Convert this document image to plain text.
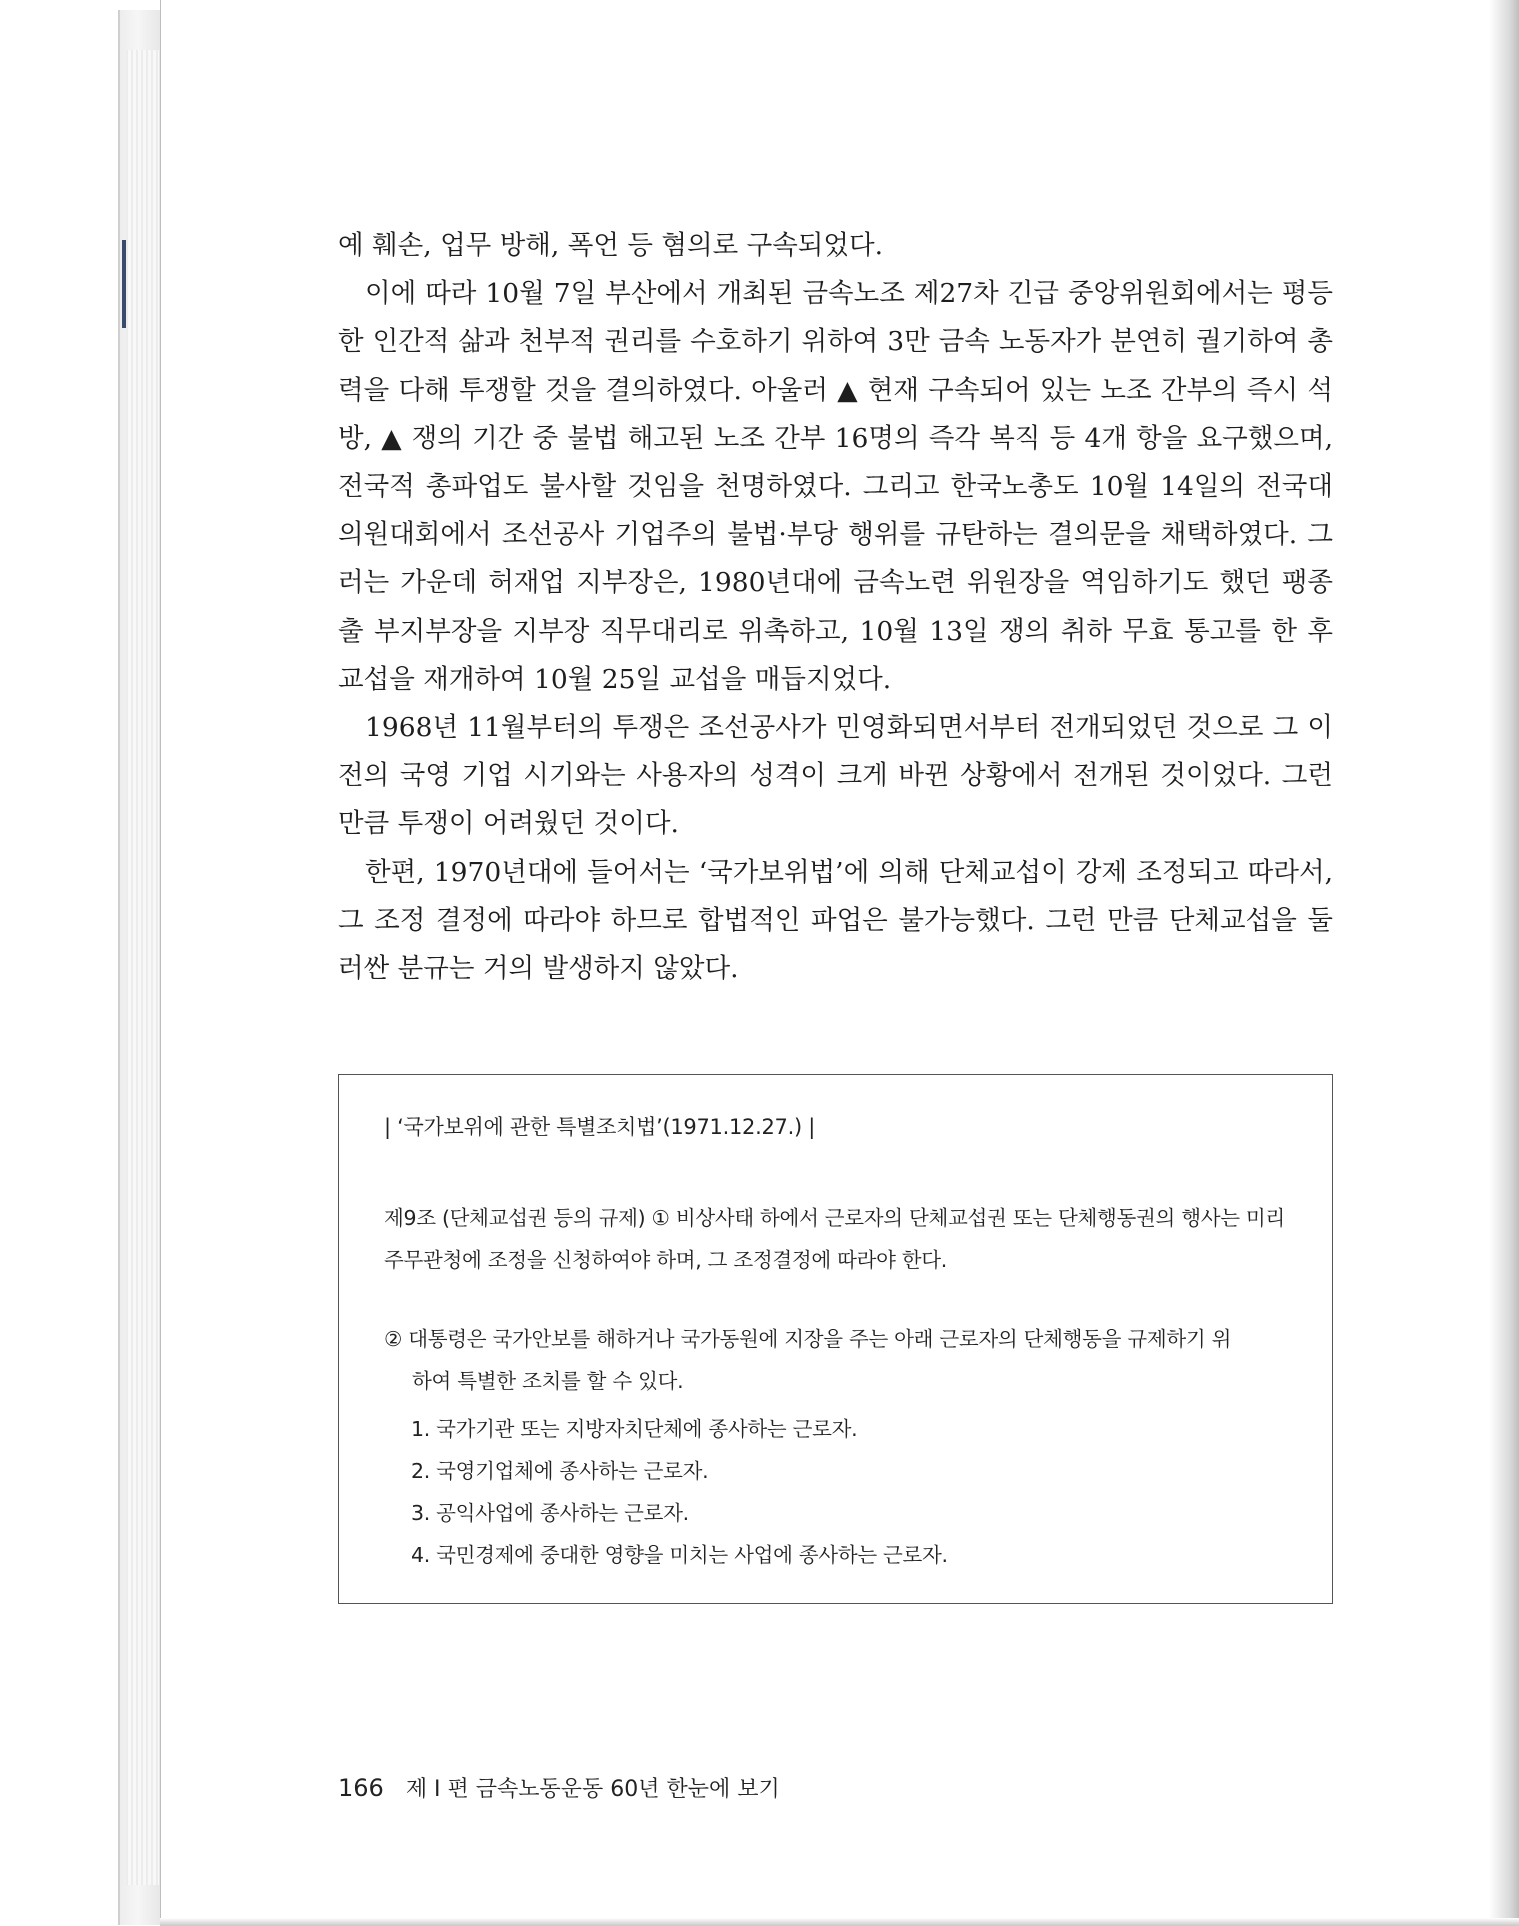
예 훼손, 업무 방해, 폭언 등 혐의로 구속되었다.

이에 따라 10월 7일 부산에서 개최된 금속노조 제27차 긴급 중앙위원회에서는 평등한 인간적 삶과 천부적 권리를 수호하기 위하여 3만 금속 노동자가 분연히 궐기하여 총력을 다해 투쟁할 것을 결의하였다. 아울러 ▲ 현재 구속되어 있는 노조 간부의 즉시 석방, ▲ 쟁의 기간 중 불법 해고된 노조 간부 16명의 즉각 복직 등 4개 항을 요구했으며, 전국적 총파업도 불사할 것임을 천명하였다. 그리고 한국노총도 10월 14일의 전국대의원대회에서 조선공사 기업주의 불법·부당 행위를 규탄하는 결의문을 채택하였다. 그러는 가운데 허재업 지부장은, 1980년대에 금속노련 위원장을 역임하기도 했던 팽종출 부지부장을 지부장 직무대리로 위촉하고, 10월 13일 쟁의 취하 무효 통고를 한 후 교섭을 재개하여 10월 25일 교섭을 매듭지었다.

1968년 11월부터의 투쟁은 조선공사가 민영화되면서부터 전개되었던 것으로 그 이전의 국영 기업 시기와는 사용자의 성격이 크게 바뀐 상황에서 전개된 것이었다. 그런 만큼 투쟁이 어려웠던 것이다.

한편, 1970년대에 들어서는 ‘국가보위법’에 의해 단체교섭이 강제 조정되고 따라서, 그 조정 결정에 따라야 하므로 합법적인 파업은 불가능했다. 그런 만큼 단체교섭을 둘러싼 분규는 거의 발생하지 않았다.

| ‘국가보위에 관한 특별조치법’(1971.12.27.) |
제9조 (단체교섭권 등의 규제) ① 비상사태 하에서 근로자의 단체교섭권 또는 단체행동권의 행사는 미리 주무관청에 조정을 신청하여야 하며, 그 조정결정에 따라야 한다.
② 대통령은 국가안보를 해하거나 국가동원에 지장을 주는 아래 근로자의 단체행동을 규제하기 위
하여 특별한 조치를 할 수 있다.
1. 국가기관 또는 지방자치단체에 종사하는 근로자.
2. 국영기업체에 종사하는 근로자.
3. 공익사업에 종사하는 근로자.
4. 국민경제에 중대한 영향을 미치는 사업에 종사하는 근로자.
166 제 I 편 금속노동운동 60년 한눈에 보기
